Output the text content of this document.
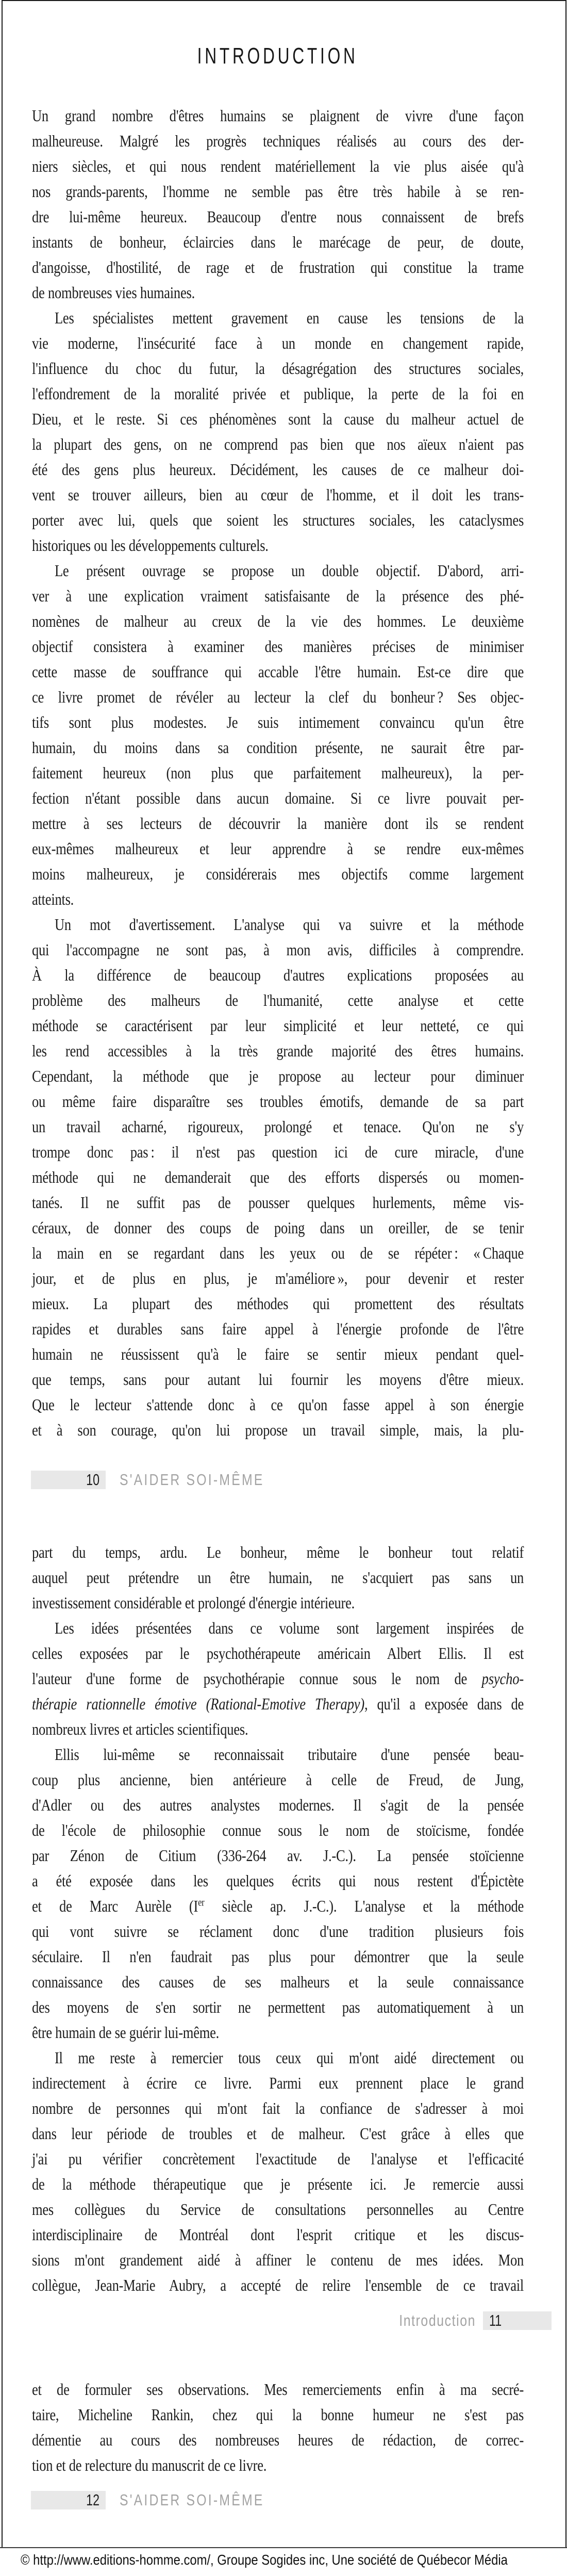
INTRODUCTION
Un grand nombre d'êtres humains se plaignent de vivre d'une façon
malheureuse. Malgré les progrès techniques réalisés au cours des der-
niers siècles, et qui nous rendent matériellement la vie plus aisée qu'à
nos grands-parents, l'homme ne semble pas être très habile à se ren-
dre lui-même heureux. Beaucoup d'entre nous connaissent de brefs
instants de bonheur, éclaircies dans le marécage de peur, de doute,
d'angoisse, d'hostilité, de rage et de frustration qui constitue la trame
de nombreuses vies humaines.
Les spécialistes mettent gravement en cause les tensions de la
vie moderne, l'insécurité face à un monde en changement rapide,
l'influence du choc du futur, la désagrégation des structures sociales,
l'effondrement de la moralité privée et publique, la perte de la foi en
Dieu, et le reste. Si ces phénomènes sont la cause du malheur actuel de
la plupart des gens, on ne comprend pas bien que nos aïeux n'aient pas
été des gens plus heureux. Décidément, les causes de ce malheur doi-
vent se trouver ailleurs, bien au cœur de l'homme, et il doit les trans-
porter avec lui, quels que soient les structures sociales, les cataclysmes
historiques ou les développements culturels.
Le présent ouvrage se propose un double objectif. D'abord, arri-
ver à une explication vraiment satisfaisante de la présence des phé-
nomènes de malheur au creux de la vie des hommes. Le deuxième
objectif consistera à examiner des manières précises de minimiser
cette masse de souffrance qui accable l'être humain. Est-ce dire que
ce livre promet de révéler au lecteur la clef du bonheur ? Ses objec-
tifs sont plus modestes. Je suis intimement convaincu qu'un être
humain, du moins dans sa condition présente, ne saurait être par-
faitement heureux (non plus que parfaitement malheureux), la per-
fection n'étant possible dans aucun domaine. Si ce livre pouvait per-
mettre à ses lecteurs de découvrir la manière dont ils se rendent
eux-mêmes malheureux et leur apprendre à se rendre eux-mêmes
moins malheureux, je considérerais mes objectifs comme largement
atteints.
Un mot d'avertissement. L'analyse qui va suivre et la méthode
qui l'accompagne ne sont pas, à mon avis, difficiles à comprendre.
À la différence de beaucoup d'autres explications proposées au
problème des malheurs de l'humanité, cette analyse et cette
méthode se caractérisent par leur simplicité et leur netteté, ce qui
les rend accessibles à la très grande majorité des êtres humains.
Cependant, la méthode que je propose au lecteur pour diminuer
ou même faire disparaître ses troubles émotifs, demande de sa part
un travail acharné, rigoureux, prolongé et tenace. Qu'on ne s'y
trompe donc pas : il n'est pas question ici de cure miracle, d'une
méthode qui ne demanderait que des efforts dispersés ou momen-
tanés. Il ne suffit pas de pousser quelques hurlements, même vis-
céraux, de donner des coups de poing dans un oreiller, de se tenir
la main en se regardant dans les yeux ou de se répéter : « Chaque
jour, et de plus en plus, je m'améliore », pour devenir et rester
mieux. La plupart des méthodes qui promettent des résultats
rapides et durables sans faire appel à l'énergie profonde de l'être
humain ne réussissent qu'à le faire se sentir mieux pendant quel-
que temps, sans pour autant lui fournir les moyens d'être mieux.
Que le lecteur s'attende donc à ce qu'on fasse appel à son énergie
et à son courage, qu'on lui propose un travail simple, mais, la plu-
10	S'AIDER SOI-MÊME
part du temps, ardu. Le bonheur, même le bonheur tout relatif
auquel peut prétendre un être humain, ne s'acquiert pas sans un
investissement considérable et prolongé d'énergie intérieure.
Les idées présentées dans ce volume sont largement inspirées de
celles exposées par le psychothérapeute américain Albert Ellis. Il est
l'auteur d'une forme de psychothérapie connue sous le nom de psycho-
thérapie rationnelle émotive (Rational-Emotive Therapy), qu'il a exposée dans de
nombreux livres et articles scientifiques.
Ellis lui-même se reconnaissait tributaire d'une pensée beau-
coup plus ancienne, bien antérieure à celle de Freud, de Jung,
d'Adler ou des autres analystes modernes. Il s'agit de la pensée
de l'école de philosophie connue sous le nom de stoïcisme, fondée
par Zénon de Citium (336-264 av. J.-C.). La pensée stoïcienne
a été exposée dans les quelques écrits qui nous restent d'Épictète
et de Marc Aurèle (Ier siècle ap. J.-C.). L'analyse et la méthode
qui vont suivre se réclament donc d'une tradition plusieurs fois
séculaire. Il n'en faudrait pas plus pour démontrer que la seule
connaissance des causes de ses malheurs et la seule connaissance
des moyens de s'en sortir ne permettent pas automatiquement à un
être humain de se guérir lui-même.
Il me reste à remercier tous ceux qui m'ont aidé directement ou
indirectement à écrire ce livre. Parmi eux prennent place le grand
nombre de personnes qui m'ont fait la confiance de s'adresser à moi
dans leur période de troubles et de malheur. C'est grâce à elles que
j'ai pu vérifier concrètement l'exactitude de l'analyse et l'efficacité
de la méthode thérapeutique que je présente ici. Je remercie aussi
mes collègues du Service de consultations personnelles au Centre
interdisciplinaire de Montréal dont l'esprit critique et les discus-
sions m'ont grandement aidé à affiner le contenu de mes idées. Mon
collègue, Jean-Marie Aubry, a accepté de relire l'ensemble de ce travail
Introduction 11
et de formuler ses observations. Mes remerciements enfin à ma secré-
taire, Micheline Rankin, chez qui la bonne humeur ne s'est pas
démentie au cours des nombreuses heures de rédaction, de correc-
tion et de relecture du manuscrit de ce livre.
12	S'AIDER SOI-MÊME
© http://www.editions-homme.com/, Groupe Sogides inc, Une société de Québecor Média
